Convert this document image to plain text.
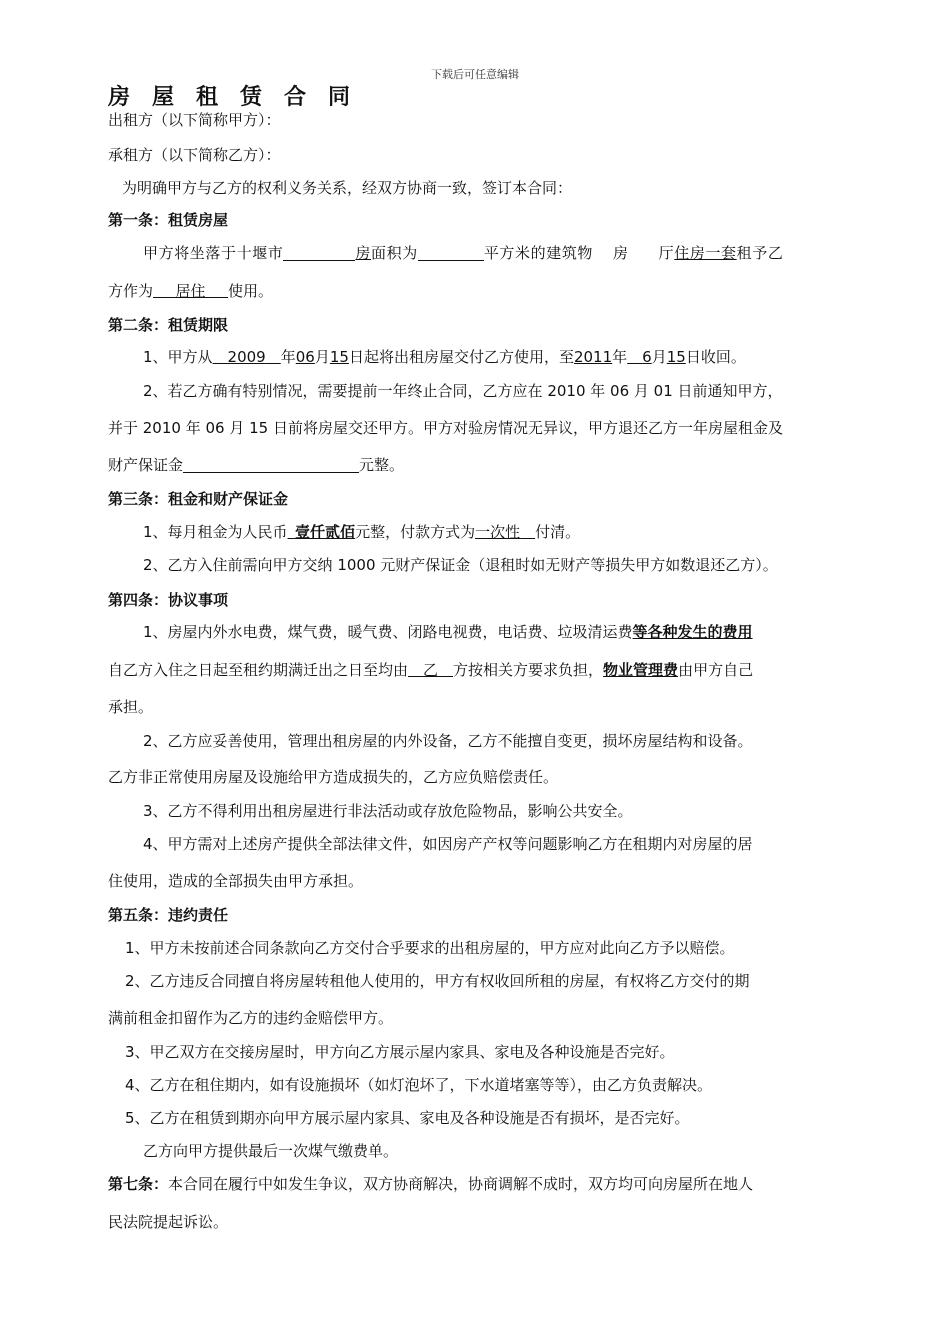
下载后可任意编辑
房屋租赁合同
出租方（以下简称甲方）：
承租方（以下简称乙方）：
为明确甲方与乙方的权利义务关系，经双方协商一致，签订本合同：
第一条：租赁房屋
甲方将坐落于十堰市	房面积为	平方米的建筑物 房 厅住房一套租予乙
方作为    居住    使用。
第二条：租赁期限
1、甲方从   2009   年06月15日起将出租房屋交付乙方使用，至2011年   6月15日收回。
2、若乙方确有特别情况，需要提前一年终止合同，乙方应在 2010 年 06 月 01 日前通知甲方，
并于 2010 年 06 月 15 日前将房屋交还甲方。甲方对验房情况无异议，甲方退还乙方一年房屋租金及
财产保证金	元整。
第三条：租金和财产保证金
1、每月租金为人民币  壹仟贰佰元整，付款方式为一次性   付清。
2、乙方入住前需向甲方交纳 1000 元财产保证金（退租时如无财产等损失甲方如数退还乙方）。
第四条：协议事项
1、房屋内外水电费，煤气费，暖气费、闭路电视费，电话费、垃圾清运费等各种发生的费用
自乙方入住之日起至租约期满迁出之日至均由   乙   方按相关方要求负担，物业管理费由甲方自己
承担。
2、乙方应妥善使用，管理出租房屋的内外设备，乙方不能擅自变更，损坏房屋结构和设备。
乙方非正常使用房屋及设施给甲方造成损失的，乙方应负赔偿责任。
3、乙方不得利用出租房屋进行非法活动或存放危险物品，影响公共安全。
4、甲方需对上述房产提供全部法律文件，如因房产产权等问题影响乙方在租期内对房屋的居
住使用，造成的全部损失由甲方承担。
第五条：违约责任
1、甲方未按前述合同条款向乙方交付合乎要求的出租房屋的，甲方应对此向乙方予以赔偿。
2、乙方违反合同擅自将房屋转租他人使用的，甲方有权收回所租的房屋，有权将乙方交付的期
满前租金扣留作为乙方的违约金赔偿甲方。
3、甲乙双方在交接房屋时，甲方向乙方展示屋内家具、家电及各种设施是否完好。
4、乙方在租住期内，如有设施损坏（如灯泡坏了，下水道堵塞等等），由乙方负责解决。
5、乙方在租赁到期亦向甲方展示屋内家具、家电及各种设施是否有损坏，是否完好。
乙方向甲方提供最后一次煤气缴费单。
第七条：本合同在履行中如发生争议，双方协商解决，协商调解不成时，双方均可向房屋所在地人
民法院提起诉讼。
